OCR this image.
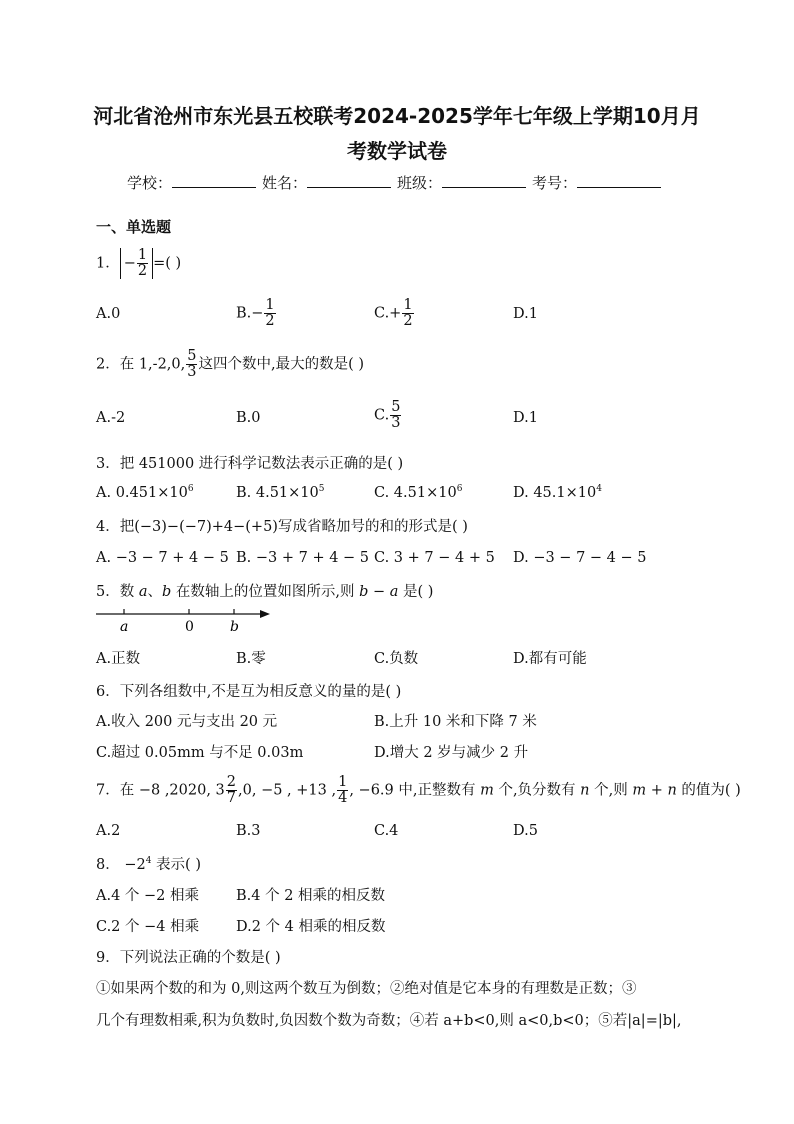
河北省沧州市东光县五校联考2024-2025学年七年级上学期10月月
考数学试卷
学校：	姓名：	班级：	考号：
一、单选题
1． − $\frac{1}{2}$ =( )
A.0	$B.- \frac{1}{2}$	$C.+ \frac{1}{2}$	D.1
2．在 1,-2,0, $\frac{5}{3}$ 这四个数中,最大的数是( )
A.-2	B.0	C. $\frac{5}{3}$	D.1
3．把 451000 进行科学记数法表示正确的是( )
A. $0.451\times 10^6$	B. $4.51\times 10^5$	C. $4.51\times 10^6$	D. $45.1\times 10^4$
4．把(−3)−(−7)+4−(+5)写成省略加号的和的形式是( )
A. −3 − 7 + 4 − 5 B. −3 + 7 + 4 − 5 C. 3 + 7 − 4 + 5 D. −3 − 7 − 4 − 5
5．数 a、b 在数轴上的位置如图所示,则 b − a 是( )
a	0	b
A.正数	B.零	C.负数	D.都有可能
6．下列各组数中,不是互为相反意义的量的是( )
A.收入 200 元与支出 20 元	B.上升 10 米和下降 7 米
C.超过 0.05mm 与不足 0.03m	D.增大 2 岁与减少 2 升
7．在 −8 ,2020, $3 \frac{2}{7} ,0$, −5 , +13 , $\frac{1}{4}$ , −6.9 中,正整数有 m 个,负分数有 n 个,则 m + n 的值为( )
A.2	B.3	C.4	D.5
8． $-2^4$ 表示( )
A.4 个 −2 相乘	B.4 个 2 相乘的相反数
C.2 个 −4 相乘	D.2 个 4 相乘的相反数
9．下列说法正确的个数是( )
①如果两个数的和为 0,则这两个数互为倒数；②绝对值是它本身的有理数是正数；③
几个有理数相乘,积为负数时,负因数个数为奇数；④若 a+b<0,则 a<0,b<0；⑤若|a|=|b|,
